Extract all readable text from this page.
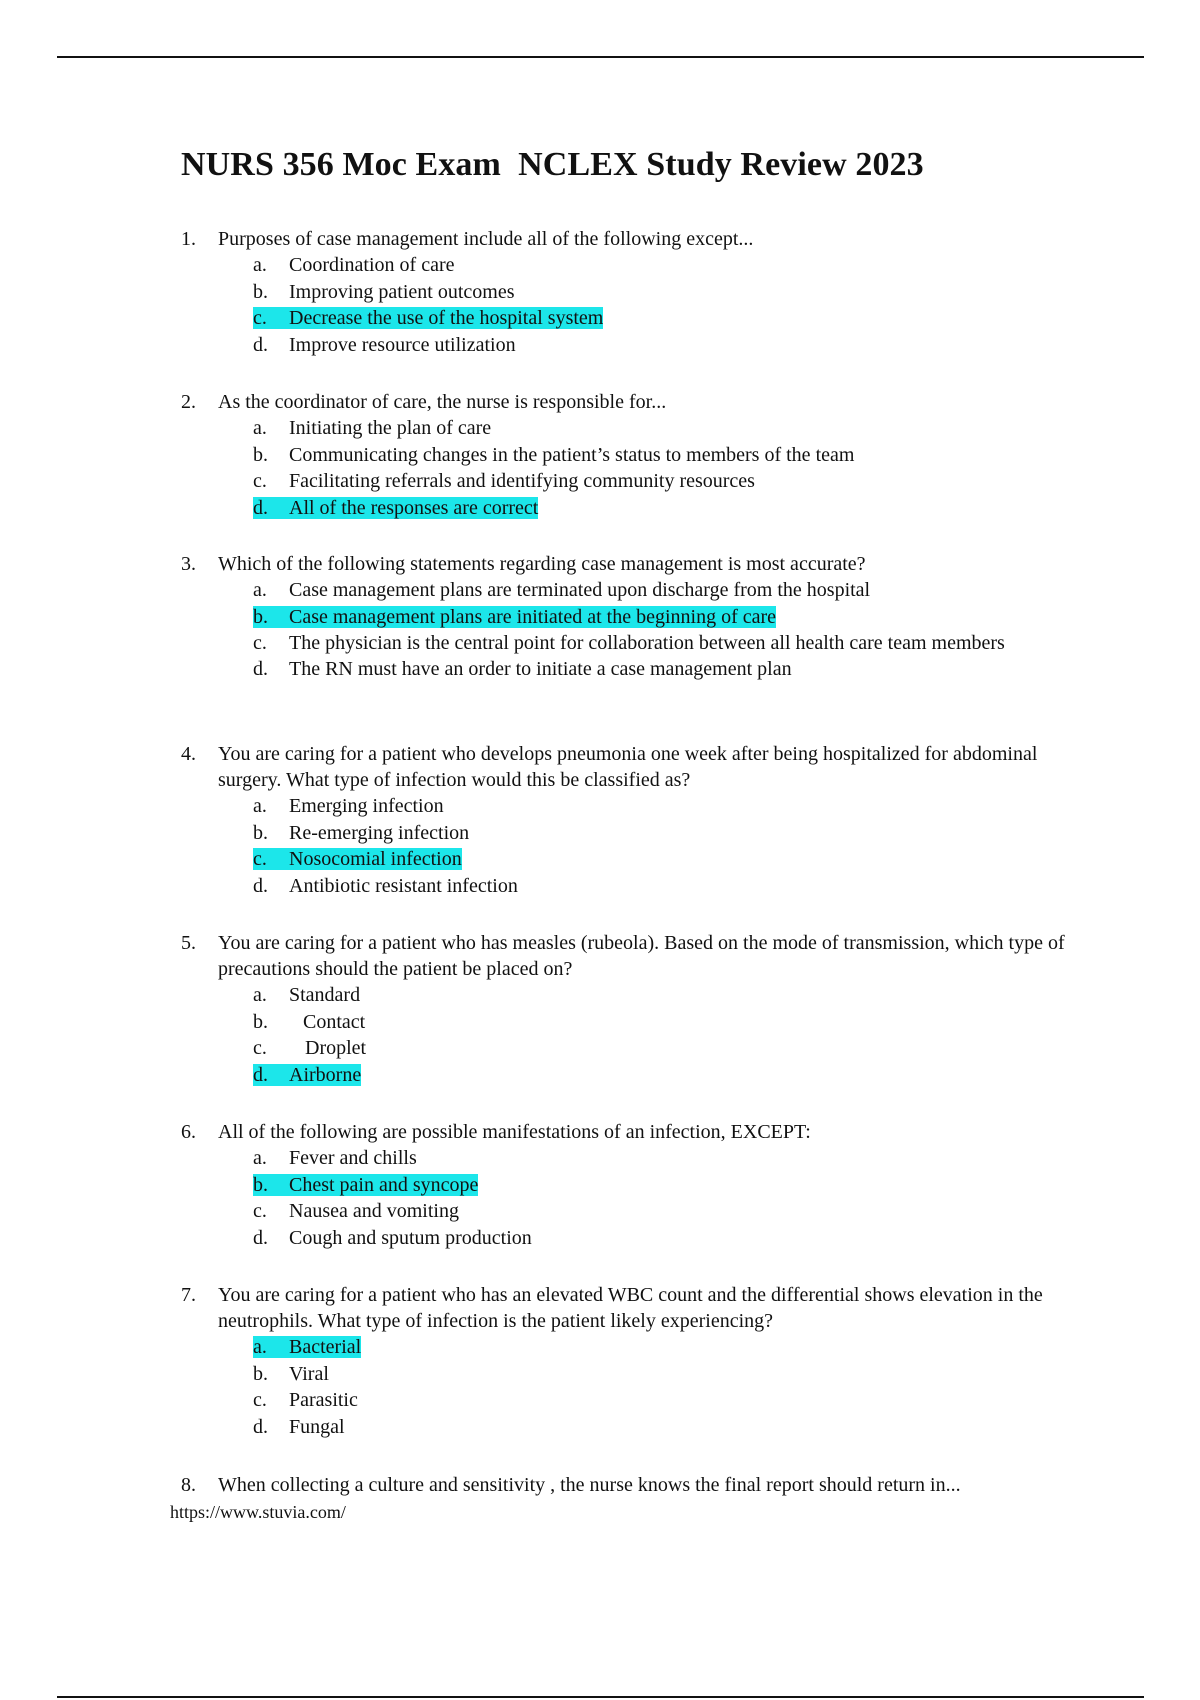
NURS 356 Moc Exam  NCLEX Study Review 2023
1.	Purposes of case management include all of the following except...
a. Coordination of care
b. Improving patient outcomes
c. Decrease the use of the hospital system
d. Improve resource utilization
2.	As the coordinator of care, the nurse is responsible for...
a. Initiating the plan of care
b. Communicating changes in the patient’s status to members of the team
c. Facilitating referrals and identifying community resources
d. All of the responses are correct
3.	Which of the following statements regarding case management is most accurate?
a. Case management plans are terminated upon discharge from the hospital
b. Case management plans are initiated at the beginning of care
c.	The physician is the central point for collaboration between all health care team members
d. The RN must have an order to initiate a case management plan
4.	You are caring for a patient who develops pneumonia one week after being hospitalized for abdominal surgery. What type of infection would this be classified as?
a. Emerging infection
b. Re-emerging infection
c. Nosocomial infection
d. Antibiotic resistant infection
5.	You are caring for a patient who has measles (rubeola). Based on the mode of transmission, which type of precautions should the patient be placed on?
a. Standard
b. Contact
c. Droplet
d. Airborne
6.	All of the following are possible manifestations of an infection, EXCEPT:
a. Fever and chills
b. Chest pain and syncope
c. Nausea and vomiting
d. Cough and sputum production
7.	You are caring for a patient who has an elevated WBC count and the differential shows elevation in the neutrophils. What type of infection is the patient likely experiencing?
a. Bacterial
b. Viral
c. Parasitic
d. Fungal
8.	When collecting a culture and sensitivity , the nurse knows the final report should return in...
https://www.stuvia.com/
